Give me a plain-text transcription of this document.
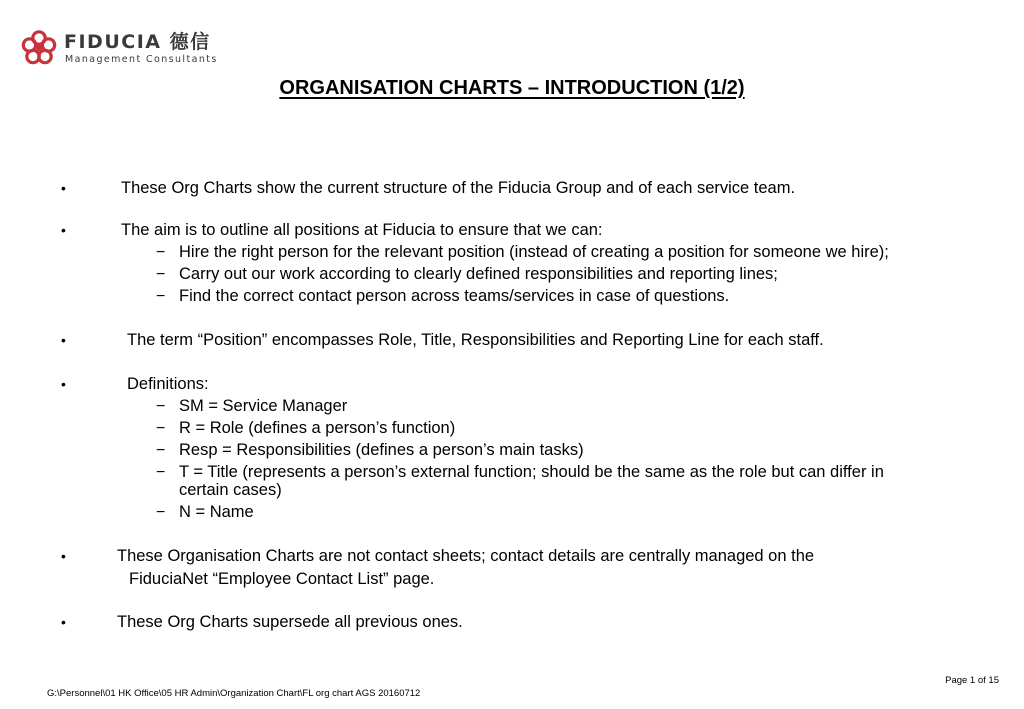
FIDUCIA 德信
Management Consultants
ORGANISATION CHARTS – INTRODUCTION (1/2)
•	These Org Charts show the current structure of the Fiducia Group and of each service team.
•	The aim is to outline all positions at Fiducia to ensure that we can:
− Hire the right person for the relevant position (instead of creating a position for someone we hire);
− Carry out our work according to clearly defined responsibilities and reporting lines;
− Find the correct contact person across teams/services in case of questions.
•	The term “Position” encompasses Role, Title, Responsibilities and Reporting Line for each staff.
•	Definitions:
− SM = Service Manager
− R = Role (defines a person’s function)
− Resp = Responsibilities (defines a person’s main tasks)
− T = Title (represents a person’s external function; should be the same as the role but can differ in
certain cases)
− N = Name
•	These Organisation Charts are not contact sheets; contact details are centrally managed on the
FiduciaNet “Employee Contact List” page.
•	These Org Charts supersede all previous ones.
Page 1 of 15
G:\Personnel\01 HK Office\05 HR Admin\Organization Chart\FL org chart AGS 20160712
